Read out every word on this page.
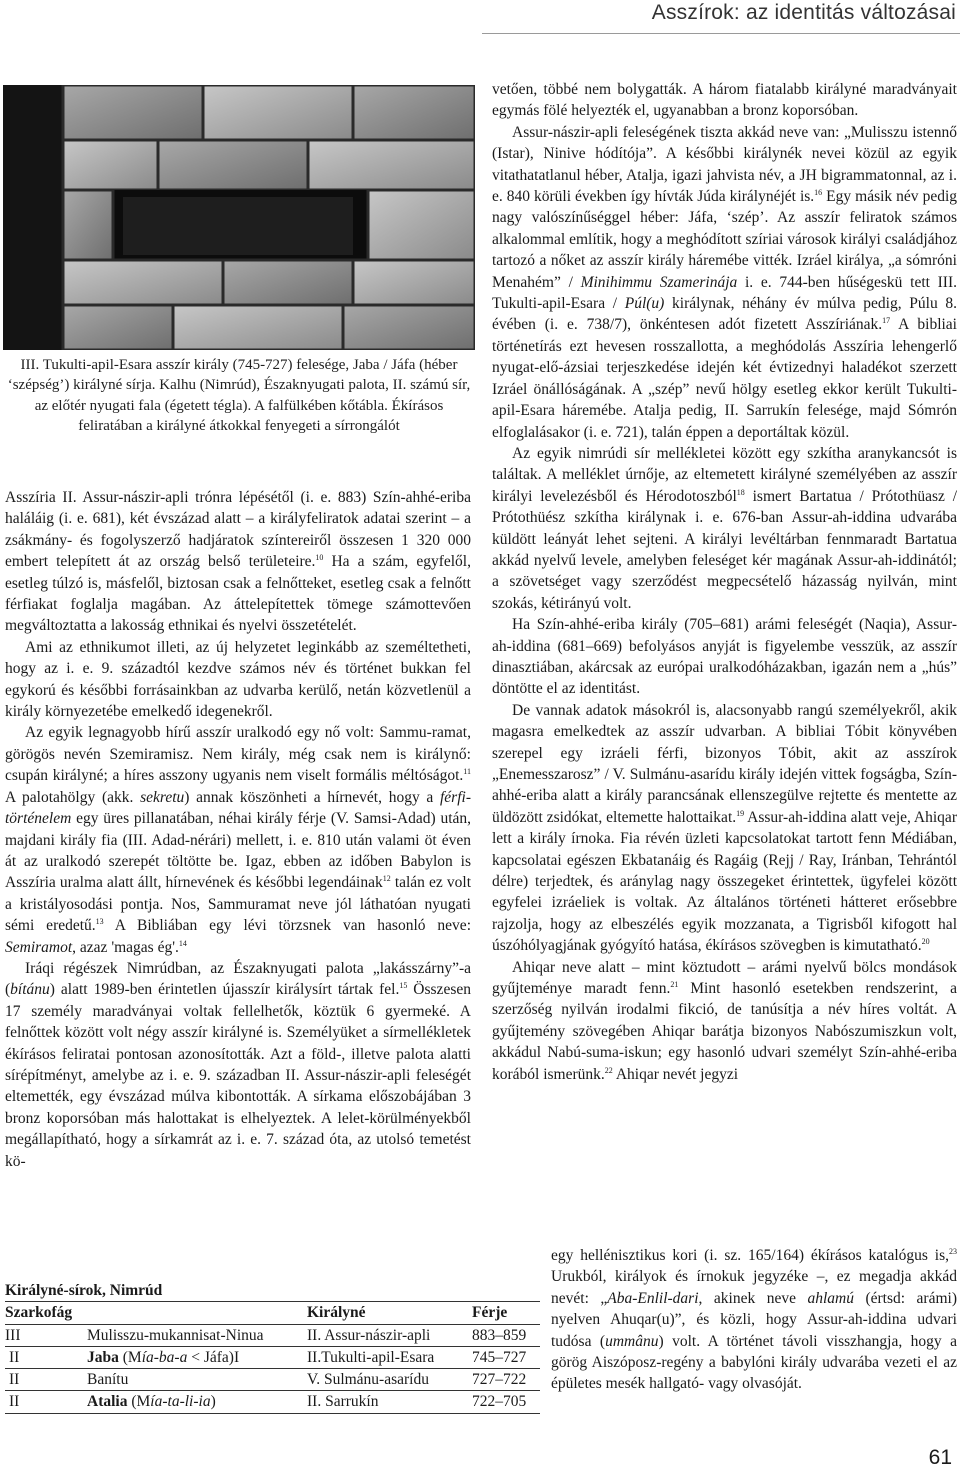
Asszírok: az identitás változásai
III. Tukulti-apil-Esara asszír király (745-727) felesége, Jaba / Jáfa (héber ‘szépség’) királyné sírja. Kalhu (Nimrúd), Északnyugati palota, II. számú sír, az előtér nyugati fala (égetett tégla). A falfülkében kőtábla. Ékírásos feliratában a királyné átkokkal fenyegeti a sírrongálót

Asszíria II. Assur-nászir-apli trónra lépésétől (i. e. 883) Szín-ahhé-eriba haláláig (i. e. 681), két évszázad alatt – a királyfeliratok adatai szerint – a zsákmány- és fogolyszerző hadjáratok színtereiről összesen 1 320 000 embert telepített át az ország belső területeire.$^{10}$ Ha a szám, egyfelől, esetleg túlzó is, másfelől, biztosan csak a felnőtteket, esetleg csak a felnőtt férfiakat foglalja magában. Az áttelepítettek tömege számottevően megváltoztatta a lakosság ethnikai és nyelvi összetételét.

Ami az ethnikumot illeti, az új helyzetet leginkább az személtetheti, hogy az i. e. 9. századtól kezdve számos név és történet bukkan fel egykorú és későbbi forrásainkban az udvarba kerülő, netán közvetlenül a király környezetébe emelkedő idegenekről.

Az egyik legnagyobb hírű asszír uralkodó egy nő volt: Sammu-ramat, görögös nevén Szemiramisz. Nem király, még csak nem is királynő: csupán királyné; a híres asszony ugyanis nem viselt formális méltóságot.$^{11}$ A palotahölgy (akk. sekretu) annak köszönheti a hírnevét, hogy a férfi-történelem egy üres pillanatában, néhai király férje (V. Samsi-Adad) után, majdani király fia (III. Adad-nérári) mellett, i. e. 810 után valami öt éven át az uralkodó szerepét töltötte be. Igaz, ebben az időben Babylon is Asszíria uralma alatt állt, hírnevének és későbbi legendáinak$^{12}$ talán ez volt a kristályosodási pontja. Nos, Sammuramat neve jól láthatóan nyugati sémi eredetű.$^{13}$ A Bibliában egy lévi törzsnek van hasonló neve: Semiramot, azaz 'magas ég'.$^{14}$

Iráqi régészek Nimrúdban, az Északnyugati palota „lakásszárny”-a (bítánu) alatt 1989-ben érintetlen újasszír királysírt tártak fel.$^{15}$ Összesen 17 személy maradványai voltak fellelhetők, köztük 6 gyermeké. A felnőttek között volt négy asszír királyné is. Személyüket a sírmellékletek ékírásos feliratai pontosan azonosították. Azt a föld-, illetve palota alatti sírépítményt, amelybe az i. e. 9. században II. Assur-nászir-apli feleségét eltemették, egy évszázad múlva kibontották. A sírkama előszobájában 3 bronz koporsóban más halottakat is elhelyeztek. A lelet-körülményekből megállapítható, hogy a sírkamrát az i. e. 7. század óta, az utolsó temetést kö-

vetően, többé nem bolygatták. A három fiatalabb királyné maradványait egymás fölé helyezték el, ugyanabban a bronz koporsóban.

Assur-nászir-apli feleségének tiszta akkád neve van: „Mulisszu istennő (Istar), Ninive hódítója”. A későbbi királynék nevei közül az egyik vitathatatlanul héber, Atalja, igazi jahvista név, a JH bigrammatonnal, az i. e. 840 körüli években így hívták Júda királynéjét is.$^{16}$ Egy másik név pedig nagy valószínűséggel héber: Jáfa, ‘szép’. Az asszír feliratok számos alkalommal említik, hogy a meghódított szíriai városok királyi családjához tartozó a nőket az asszír király háremébe vitték. Izráel királya, „a sómróni Menahém” / Minihimmu Szamerinája i. e. 744-ben hűségeskü tett III. Tukulti-apil-Esara / Púl(u) királynak, néhány év múlva pedig, Púlu 8. évében (i. e. 738/7), önkéntesen adót fizetett Asszíriának.$^{17}$ A bibliai történetírás ezt hevesen rosszallotta, a meghódolás Asszíria lehengerlő nyugat-elő-ázsiai terjeszkedése idején két évtizednyi haladékot szerzett Izráel önállóságának. A „szép” nevű hölgy esetleg ekkor került Tukulti-apil-Esara háremébe. Atalja pedig, II. Sarrukín felesége, majd Sómrón elfoglalásakor (i. e. 721), talán éppen a deportáltak közül.

Az egyik nimrúdi sír mellékletei között egy szkítha aranykancsót is találtak. A melléklet úrnője, az eltemetett királyné személyében az asszír királyi levelezésből és Hérodotoszból$^{18}$ ismert Bartatua / Prótothüasz / Prótothüész szkítha királynak i. e. 676-ban Assur-ah-iddina udvarába küldött leányát lehet sejteni. A királyi levéltárban fennmaradt Bartatua akkád nyelvű levele, amelyben feleséget kér magának Assur-ah-iddinától; a szövetséget vagy szerződést megpecsételő házasság nyilván, mint szokás, kétirányú volt.

Ha Szín-ahhé-eriba király (705–681) arámi feleségét (Naqia), Assur-ah-iddina (681–669) befolyásos anyját is figyelembe vesszük, az asszír dinasztiában, akárcsak az európai uralkodóházakban, igazán nem a „húsˮ döntötte el az identitást.

De vannak adatok másokról is, alacsonyabb rangú személyekről, akik magasra emelkedtek az asszír udvarban. A bibliai Tóbit könyvében szerepel egy izráeli férfi, bizonyos Tóbit, akit az asszírok „Enemesszarosz” / V. Sulmánu-asarídu király idején vittek fogságba, Szín-ahhé-eriba alatt a király parancsának ellenszegülve rejtette és mentette az üldözött zsidókat, eltemette halottaikat.$^{19}$ Assur-ah-iddina alatt veje, Ahiqar lett a király írnoka. Fia révén üzleti kapcsolatokat tartott fenn Médiában, kapcsolatai egészen Ekbatanáig és Ragáig (Rejj / Ray, Iránban, Tehrántól délre) terjedtek, és aránylag nagy összegeket érintettek, ügyfelei között egyfelei izráeliek is voltak. Az általános történeti hátteret erősebbre rajzolja, hogy az elbeszélés egyik mozzanata, a Tigrisből kifogott hal úszóhólyagjának gyógyító hatása, ékírásos szövegben is kimutatható.$^{20}$

Ahiqar neve alatt – mint köztudott – arámi nyelvű bölcs mondások gyűjteménye maradt fenn.$^{21}$ Mint hasonló esetekben rendszerint, a szerzőség nyilván irodalmi fikció, de tanúsítja a név híres voltát. A gyűjtemény szövegében Ahiqar barátja bizonyos Nabószumiszkun volt, akkádul Nabú-suma-iskun; egy hasonló udvari személyt Szín-ahhé-eriba korából ismerünk.$^{22}$ Ahiqar nevét jegyzi

egy hellénisztikus kori (i. sz. 165/164) ékírásos katalógus is,$^{23}$ Urukból, királyok és írnokuk jegyzéke –, ez megadja akkád nevét: „Aba-Enlil-dari, akinek neve ahlamú (értsd: arámi) nyelven Ahuqar(u)”, és közli, hogy Assur-ah-iddina udvari tudósa (ummânu) volt. A történet távoli visszhangja, hogy a görög Aiszóposz-regény a babylóni király udvarába vezeti el az épületes mesék hallgató- vagy olvasóját.

Királyné-sírok, Nimrúd
Szarkofág		Királyné	Férje
III	Mulisszu-mukannisat-Ninua	II. Assur-nászir-apli	883–859
II	Jaba (Mía-ba-a < Jáfa)I	II.Tukulti-apil-Esara	745–727
II	Banítu	V. Sulmánu-asarídu	727–722
II	Atalia (Mía-ta-li-ia)	II. Sarrukín	722–705
61
